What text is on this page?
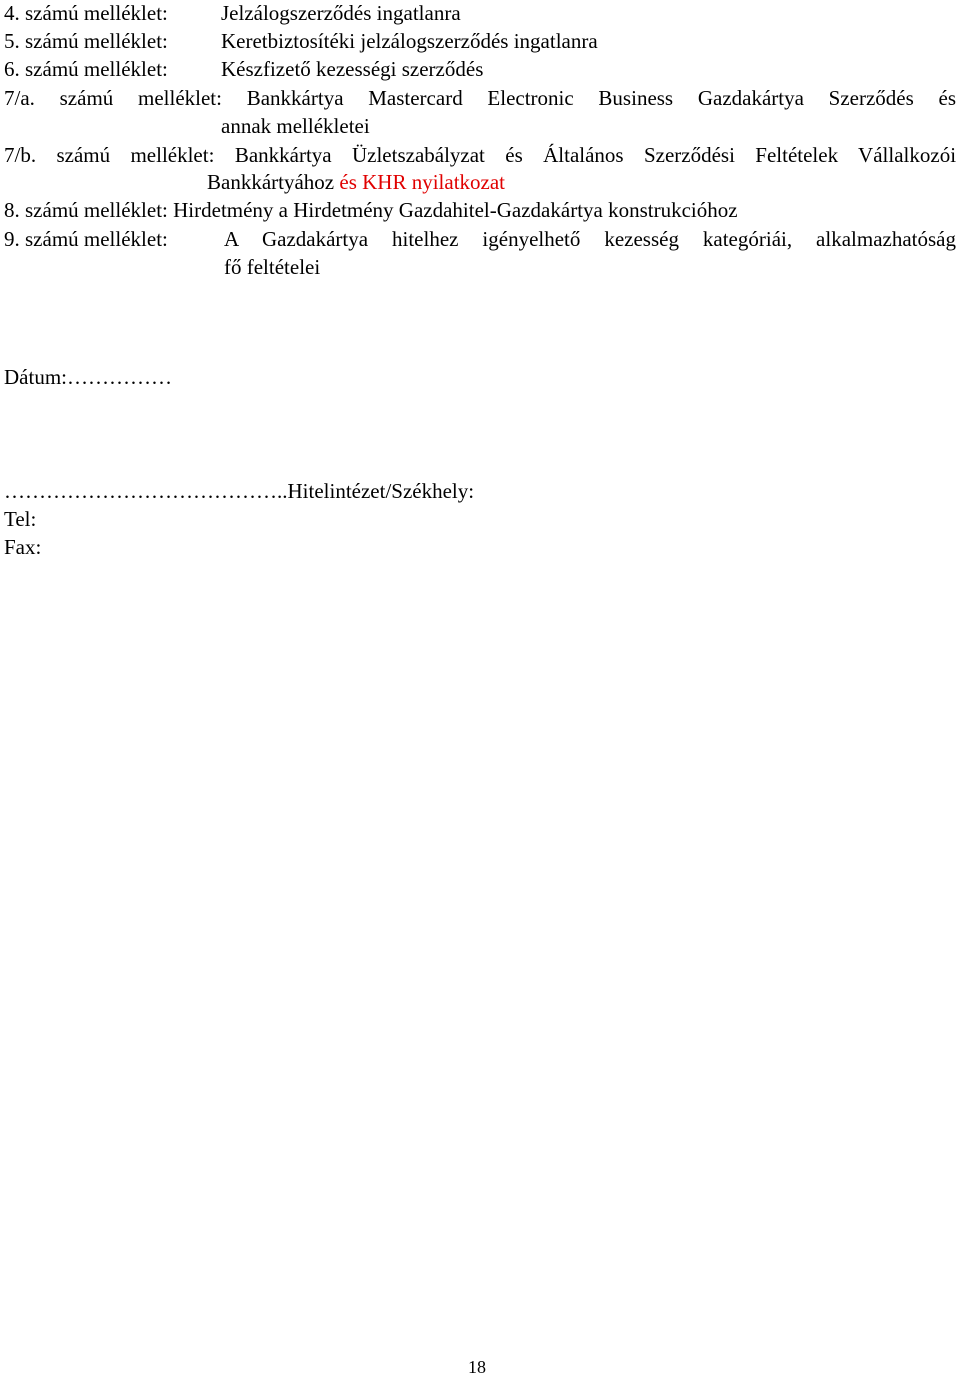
4. számú melléklet:	Jelzálogszerződés ingatlanra
5. számú melléklet:	Keretbiztosítéki jelzálogszerződés ingatlanra
6. számú melléklet:	Készfizető kezességi szerződés
7/a. számú melléklet: Bankkártya Mastercard Electronic Business Gazdakártya Szerződés és
annak mellékletei
7/b. számú melléklet: Bankkártya Üzletszabályzat és Általános Szerződési Feltételek Vállalkozói
Bankkártyához és KHR nyilatkozat
8. számú melléklet: Hirdetmény a Hirdetmény Gazdahitel-Gazdakártya konstrukcióhoz
9. számú melléklet:	A Gazdakártya hitelhez igényelhető kezesség kategóriái, alkalmazhatóság
fő feltételei
Dátum:……………
…………………………………..Hitelintézet/Székhely:
Tel:
Fax:
18
